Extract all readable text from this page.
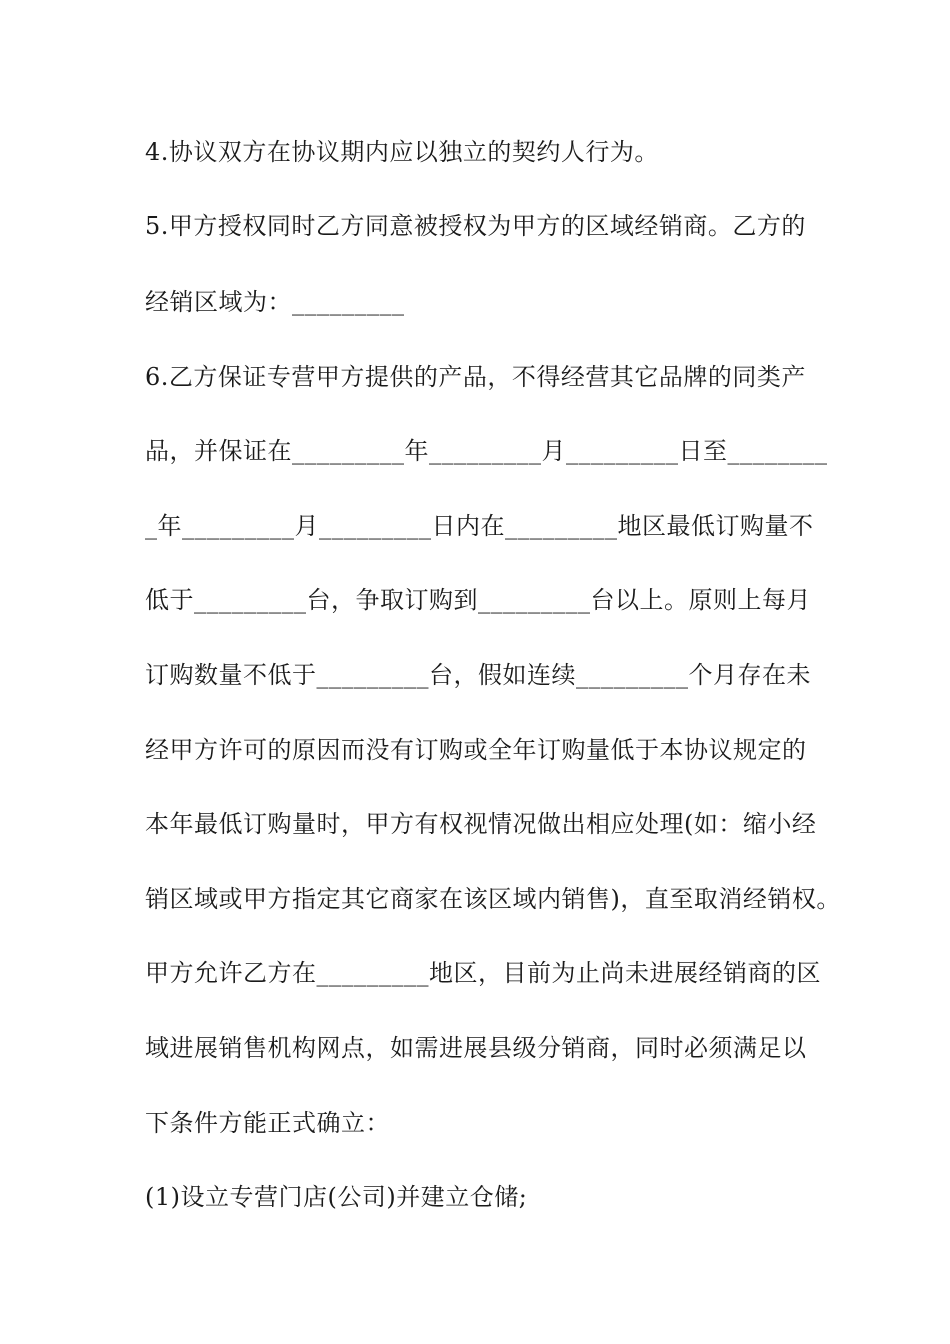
4.协议双方在协议期内应以独立的契约人行为。
5.甲方授权同时乙方同意被授权为甲方的区域经销商。乙方的
经销区域为：_________
6.乙方保证专营甲方提供的产品，不得经营其它品牌的同类产
品，并保证在_________年_________月_________日至________
_年_________月_________日内在_________地区最低订购量不
低于_________台，争取订购到_________台以上。原则上每月
订购数量不低于_________台，假如连续_________个月存在未
经甲方许可的原因而没有订购或全年订购量低于本协议规定的
本年最低订购量时，甲方有权视情况做出相应处理(如：缩小经
销区域或甲方指定其它商家在该区域内销售)，直至取消经销权。
甲方允许乙方在_________地区，目前为止尚未进展经销商的区
域进展销售机构网点，如需进展县级分销商，同时必须满足以
下条件方能正式确立：
(1)设立专营门店(公司)并建立仓储;
